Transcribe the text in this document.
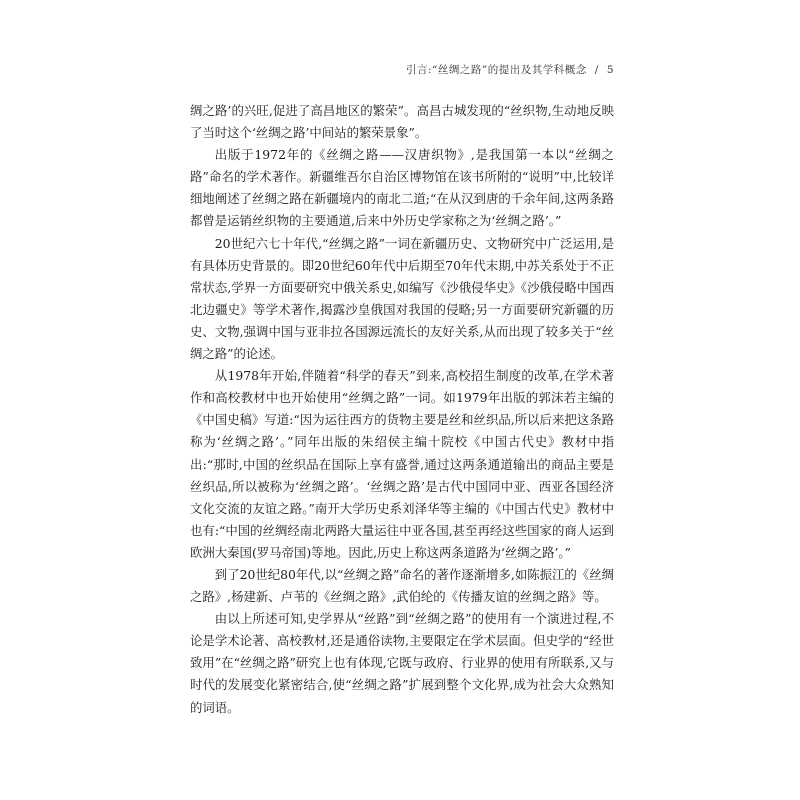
引言:“丝绸之路”的提出及其学科概念 / 5

绸之路’的兴旺,促进了高昌地区的繁荣”。高昌古城发现的“丝织物,生动地反映了当时这个‘丝绸之路’中间站的繁荣景象”。

出版于1972年的《丝绸之路——汉唐织物》,是我国第一本以“丝绸之路”命名的学术著作。新疆维吾尔自治区博物馆在该书所附的“说明”中,比较详细地阐述了丝绸之路在新疆境内的南北二道;“在从汉到唐的千余年间,这两条路都曾是运销丝织物的主要通道,后来中外历史学家称之为‘丝绸之路’。”

20世纪六七十年代,“丝绸之路”一词在新疆历史、文物研究中广泛运用,是有具体历史背景的。即20世纪60年代中后期至70年代末期,中苏关系处于不正常状态,学界一方面要研究中俄关系史,如编写《沙俄侵华史》《沙俄侵略中国西北边疆史》等学术著作,揭露沙皇俄国对我国的侵略;另一方面要研究新疆的历史、文物,强调中国与亚非拉各国源远流长的友好关系,从而出现了较多关于“丝绸之路”的论述。

从1978年开始,伴随着“科学的春天”到来,高校招生制度的改革,在学术著作和高校教材中也开始使用“丝绸之路”一词。如1979年出版的郭沫若主编的《中国史稿》写道:“因为运往西方的货物主要是丝和丝织品,所以后来把这条路称为‘丝绸之路’。”同年出版的朱绍侯主编十院校《中国古代史》教材中指出:“那时,中国的丝织品在国际上享有盛誉,通过这两条通道输出的商品主要是丝织品,所以被称为‘丝绸之路’。‘丝绸之路’是古代中国同中亚、西亚各国经济文化交流的友谊之路。”南开大学历史系刘泽华等主编的《中国古代史》教材中也有:“中国的丝绸经南北两路大量运往中亚各国,甚至再经这些国家的商人运到欧洲大秦国(罗马帝国)等地。因此,历史上称这两条道路为‘丝绸之路’。”

到了20世纪80年代,以“丝绸之路”命名的著作逐渐增多,如陈振江的《丝绸之路》,杨建新、卢苇的《丝绸之路》,武伯纶的《传播友谊的丝绸之路》等。

由以上所述可知,史学界从“丝路”到“丝绸之路”的使用有一个演进过程,不论是学术论著、高校教材,还是通俗读物,主要限定在学术层面。但史学的“经世致用”在“丝绸之路”研究上也有体现,它既与政府、行业界的使用有所联系,又与时代的发展变化紧密结合,使“丝绸之路”扩展到整个文化界,成为社会大众熟知的词语。
